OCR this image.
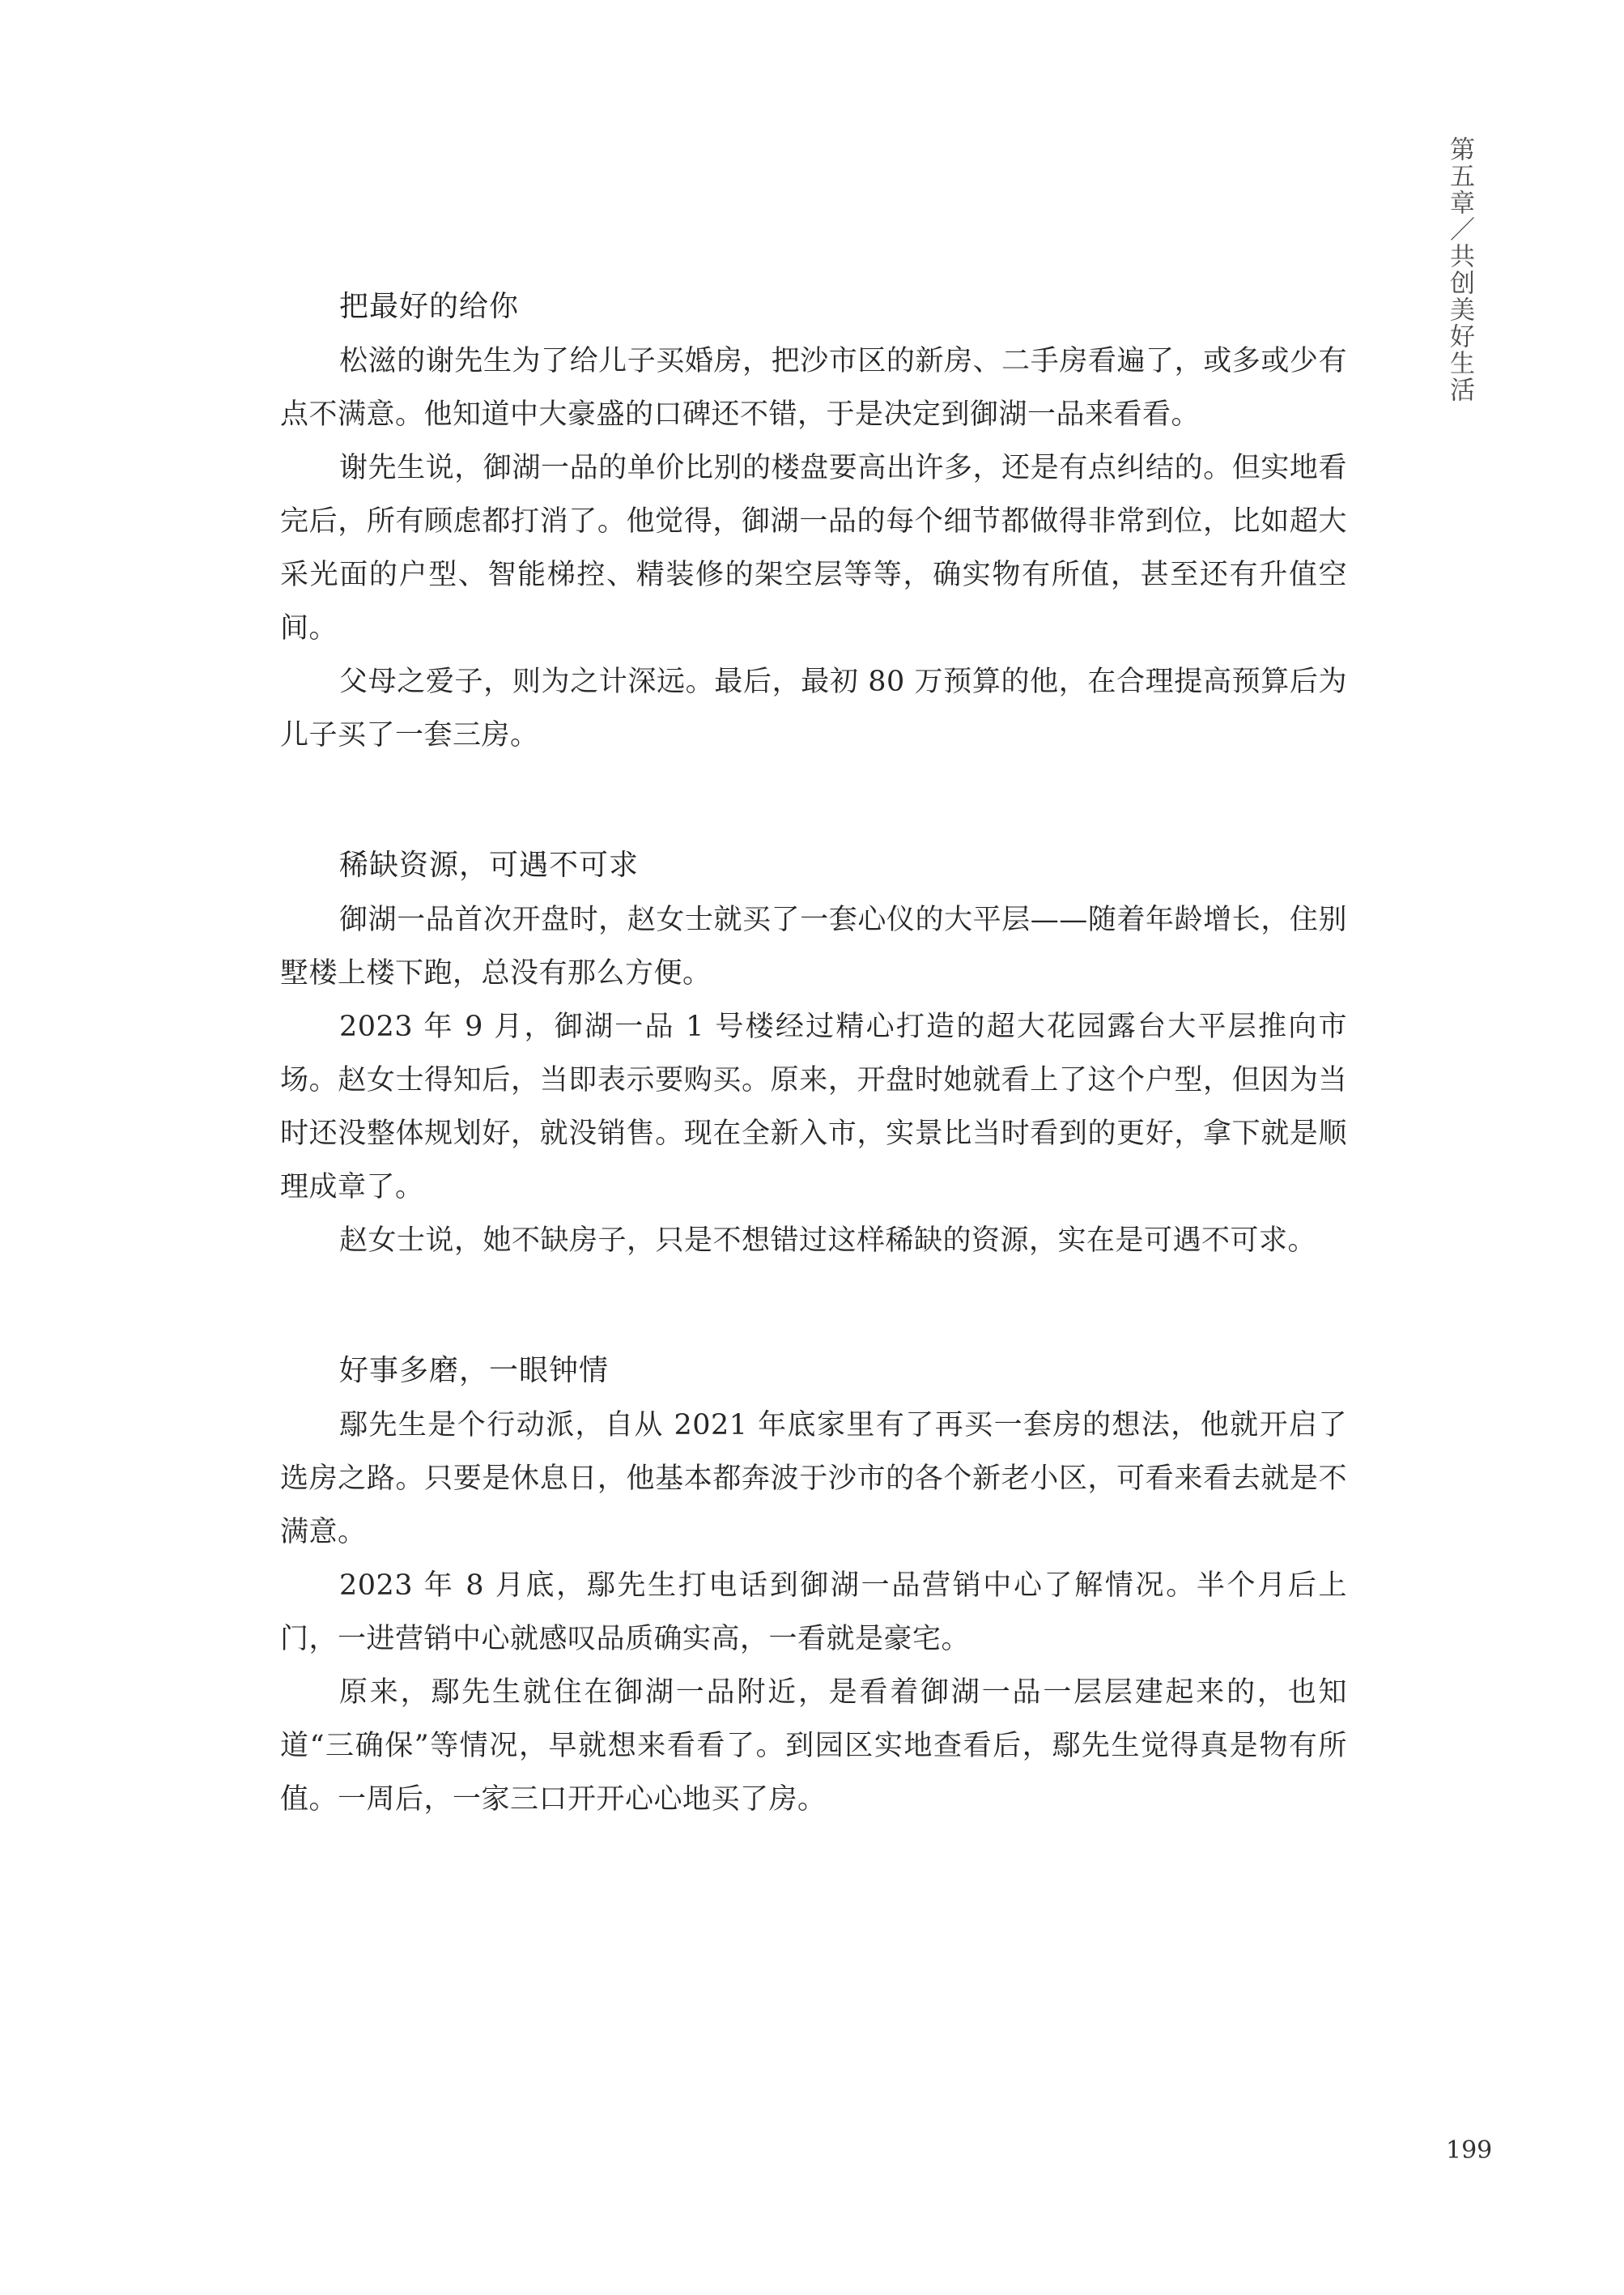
第五章／共创美好生活
把最好的给你

松滋的谢先生为了给儿子买婚房，把沙市区的新房、二手房看遍了，或多或少有点不满意。他知道中大豪盛的口碑还不错，于是决定到御湖一品来看看。

谢先生说，御湖一品的单价比别的楼盘要高出许多，还是有点纠结的。但实地看完后，所有顾虑都打消了。他觉得，御湖一品的每个细节都做得非常到位，比如超大采光面的户型、智能梯控、精装修的架空层等等，确实物有所值，甚至还有升值空间。

父母之爱子，则为之计深远。最后，最初 80 万预算的他，在合理提高预算后为儿子买了一套三房。

稀缺资源，可遇不可求

御湖一品首次开盘时，赵女士就买了一套心仪的大平层——随着年龄增长，住别墅楼上楼下跑，总没有那么方便。

2023 年 9 月，御湖一品 1 号楼经过精心打造的超大花园露台大平层推向市场。赵女士得知后，当即表示要购买。原来，开盘时她就看上了这个户型，但因为当时还没整体规划好，就没销售。现在全新入市，实景比当时看到的更好，拿下就是顺理成章了。

赵女士说，她不缺房子，只是不想错过这样稀缺的资源，实在是可遇不可求。

好事多磨，一眼钟情

鄢先生是个行动派，自从 2021 年底家里有了再买一套房的想法，他就开启了选房之路。只要是休息日，他基本都奔波于沙市的各个新老小区，可看来看去就是不满意。

2023 年 8 月底，鄢先生打电话到御湖一品营销中心了解情况。半个月后上门，一进营销中心就感叹品质确实高，一看就是豪宅。

原来，鄢先生就住在御湖一品附近，是看着御湖一品一层层建起来的，也知道“三确保”等情况，早就想来看看了。到园区实地查看后，鄢先生觉得真是物有所值。一周后，一家三口开开心心地买了房。

199
